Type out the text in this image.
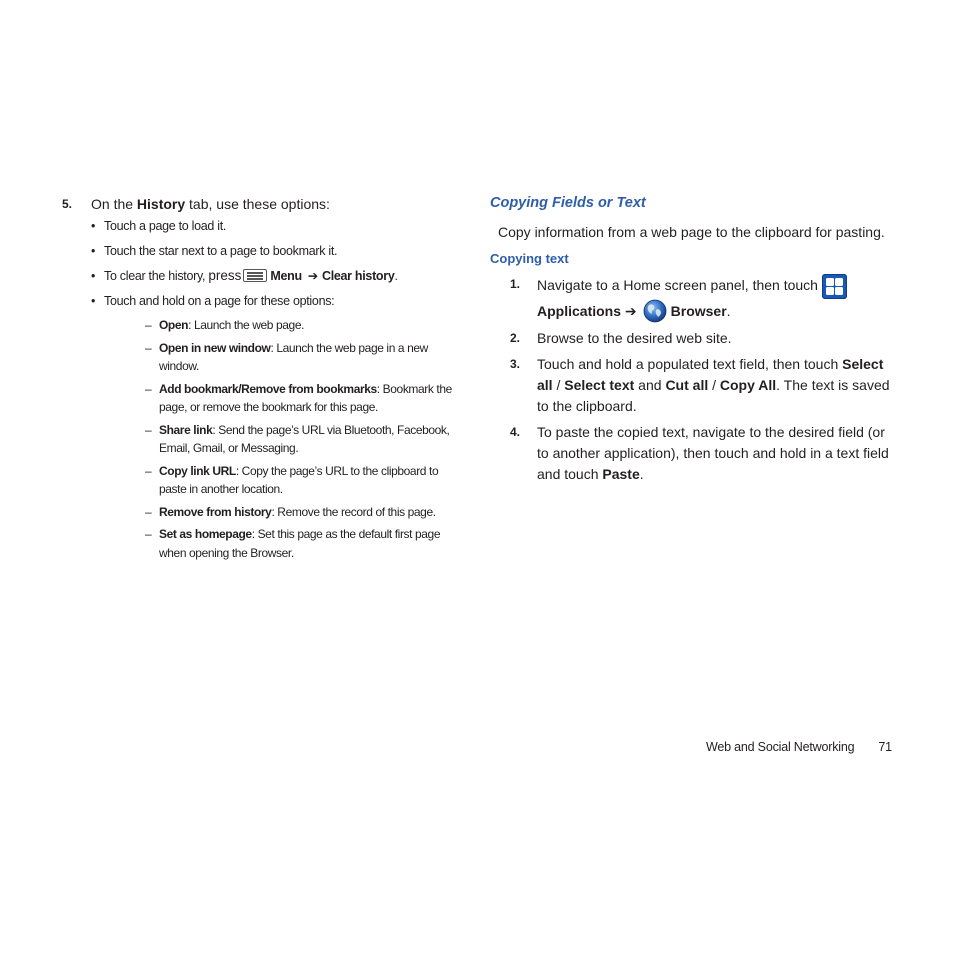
5.	On the History tab, use these options:

• Touch a page to load it.
• Touch the star next to a page to bookmark it.
• To clear the history, press Menu ➔ Clear history.
• Touch and hold on a page for these options:
– Open: Launch the web page.
– Open in new window: Launch the web page in a new window.
– Add bookmark/Remove from bookmarks: Bookmark the page, or remove the bookmark for this page.
– Share link: Send the page’s URL via Bluetooth, Facebook, Email, Gmail, or Messaging.
– Copy link URL: Copy the page’s URL to the clipboard to paste in another location.
– Remove from history: Remove the record of this page.
– Set as homepage: Set this page as the default first page when opening the Browser.
Copying Fields or Text

Copy information from a web page to the clipboard for pasting.

Copying text
1. Navigate to a Home screen panel, then touch

Applications ➔ Browser.
2. Browse to the desired web site.
3. Touch and hold a populated text field, then touch Select all / Select text and Cut all / Copy All. The text is saved to the clipboard.
4. To paste the copied text, navigate to the desired field (or to another application), then touch and hold in a text field and touch Paste.
Web and Social Networking 71
